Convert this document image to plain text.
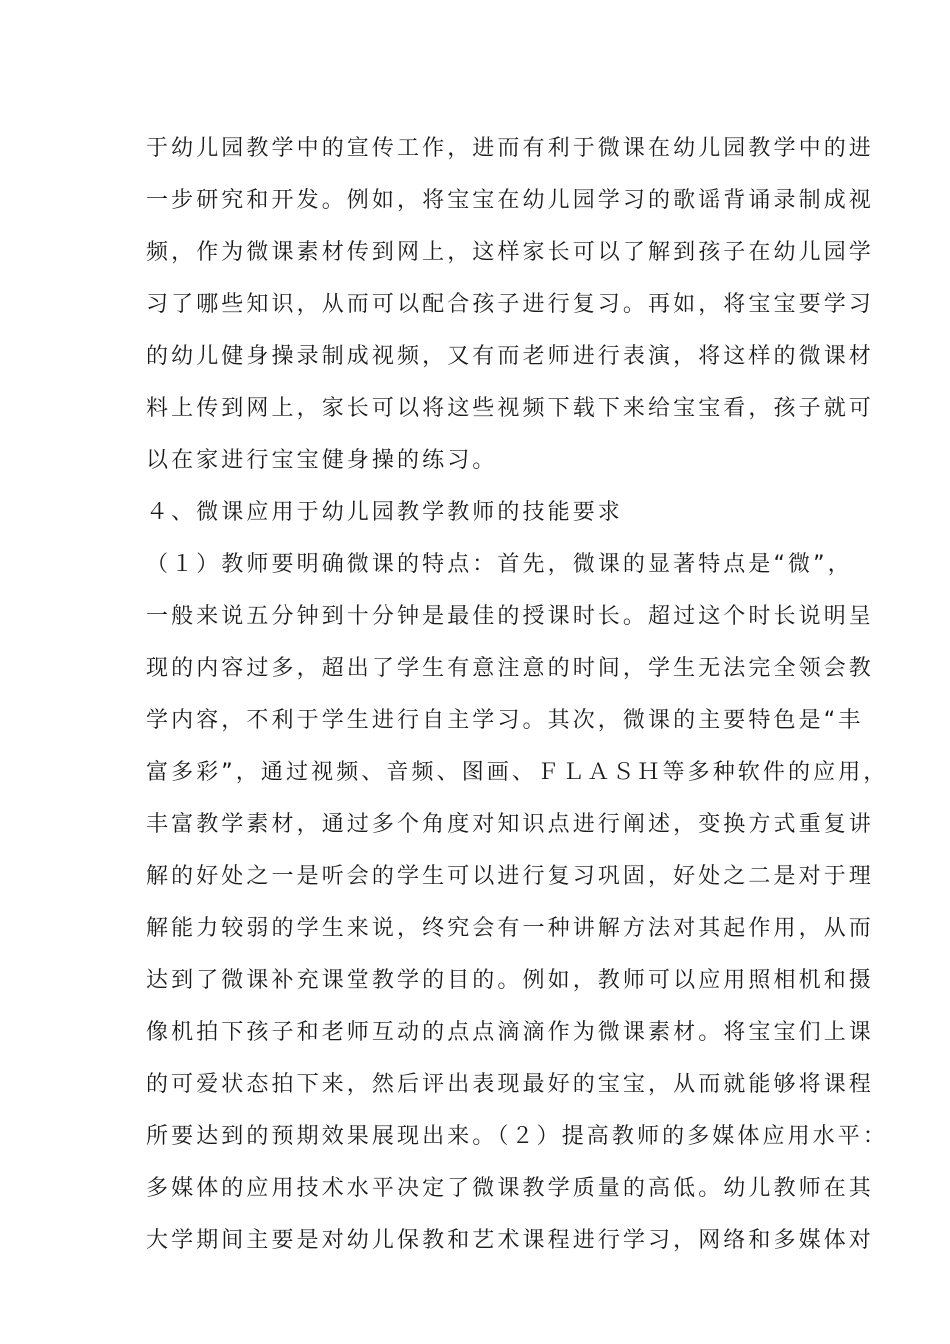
于幼儿园教学中的宣传工作，进而有利于微课在幼儿园教学中的进
一步研究和开发。例如，将宝宝在幼儿园学习的歌谣背诵录制成视
频，作为微课素材传到网上，这样家长可以了解到孩子在幼儿园学
习了哪些知识，从而可以配合孩子进行复习。再如，将宝宝要学习
的幼儿健身操录制成视频，又有而老师进行表演，将这样的微课材
料上传到网上，家长可以将这些视频下载下来给宝宝看，孩子就可
以在家进行宝宝健身操的练习。
４、微课应用于幼儿园教学教师的技能要求
（１）教师要明确微课的特点：首先，微课的显著特点是“微”，
一般来说五分钟到十分钟是最佳的授课时长。超过这个时长说明呈
现的内容过多，超出了学生有意注意的时间，学生无法完全领会教
学内容，不利于学生进行自主学习。其次，微课的主要特色是“丰
富多彩”，通过视频、音频、图画、ＦＬＡＳＨ等多种软件的应用，
丰富教学素材，通过多个角度对知识点进行阐述，变换方式重复讲
解的好处之一是听会的学生可以进行复习巩固，好处之二是对于理
解能力较弱的学生来说，终究会有一种讲解方法对其起作用，从而
达到了微课补充课堂教学的目的。例如，教师可以应用照相机和摄
像机拍下孩子和老师互动的点点滴滴作为微课素材。将宝宝们上课
的可爱状态拍下来，然后评出表现最好的宝宝，从而就能够将课程
所要达到的预期效果展现出来。（２）提高教师的多媒体应用水平：
多媒体的应用技术水平决定了微课教学质量的高低。幼儿教师在其
大学期间主要是对幼儿保教和艺术课程进行学习，网络和多媒体对
